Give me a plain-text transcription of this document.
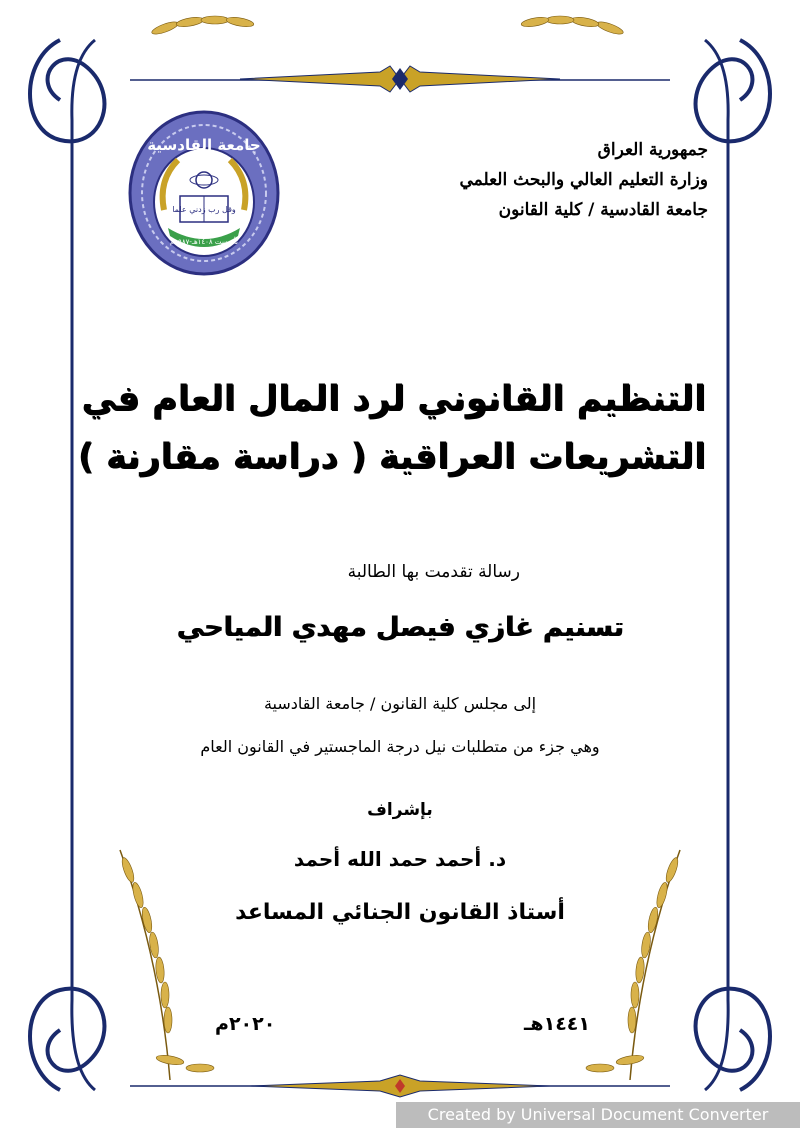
جامعة القادسية
وقل رب زدني علما
تأسست ١٤٠٨هـ-١٩٨٧م
جمهورية العراق
وزارة التعليم العالي والبحث العلمي
جامعة القادسية / كلية القانون
التنظيم القانوني لرد المال العام في
التشريعات العراقية ( دراسة مقارنة )
رسالة تقدمت بها الطالبة
تسنيم غازي فيصل مهدي المياحي
إلى مجلس كلية القانون / جامعة القادسية
وهي جزء من متطلبات نيل درجة الماجستير في القانون العام
بإشراف
د. أحمد حمد الله أحمد
أستاذ القانون الجنائي المساعد
١٤٤١هـ
٢٠٢٠م
Created by Universal Document Converter
